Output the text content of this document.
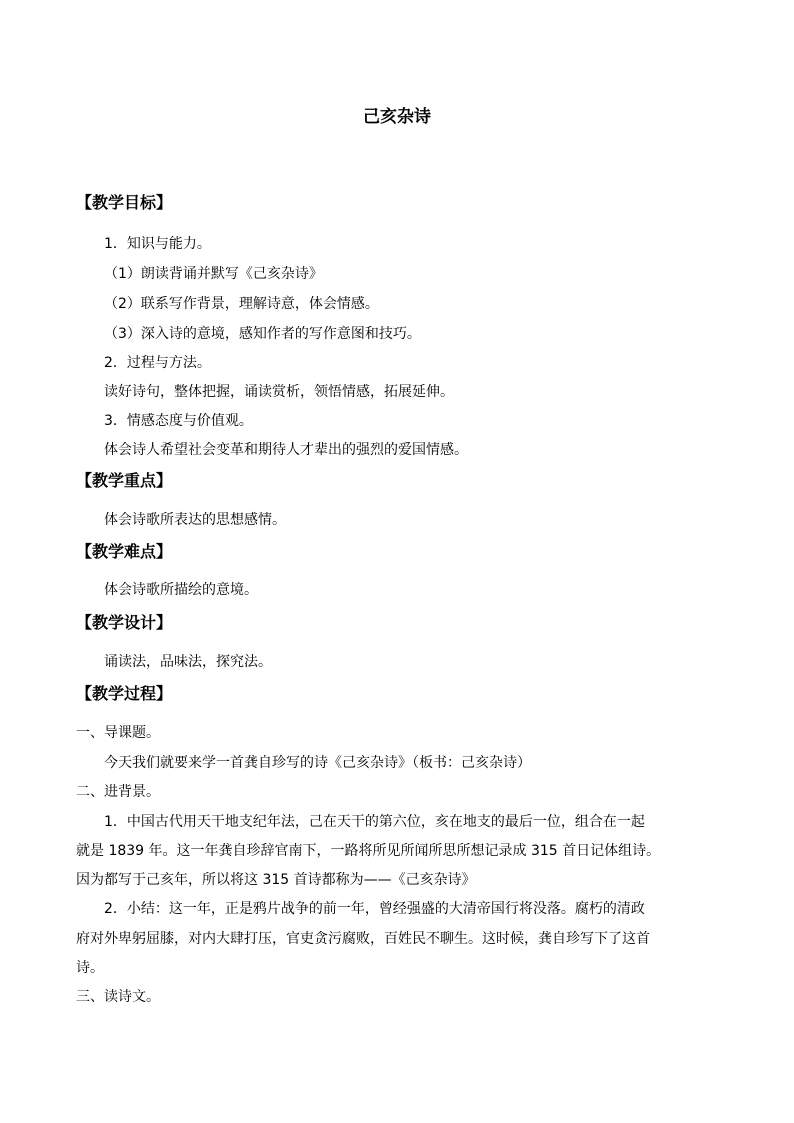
己亥杂诗
【教学目标】
1．知识与能力。
（1）朗读背诵并默写《己亥杂诗》
（2）联系写作背景，理解诗意，体会情感。
（3）深入诗的意境，感知作者的写作意图和技巧。
2．过程与方法。
读好诗句，整体把握，诵读赏析，领悟情感，拓展延伸。
3．情感态度与价值观。
体会诗人希望社会变革和期待人才辈出的强烈的爱国情感。
【教学重点】
体会诗歌所表达的思想感情。
【教学难点】
体会诗歌所描绘的意境。
【教学设计】
诵读法，品味法，探究法。
【教学过程】
一、导课题。
今天我们就要来学一首龚自珍写的诗《己亥杂诗》（板书：己亥杂诗）
二、进背景。
1．中国古代用天干地支纪年法，己在天干的第六位，亥在地支的最后一位，组合在一起
就是 1839 年。这一年龚自珍辞官南下，一路将所见所闻所思所想记录成 315 首日记体组诗。
因为都写于己亥年，所以将这 315 首诗都称为——《己亥杂诗》
2．小结：这一年，正是鸦片战争的前一年，曾经强盛的大清帝国行将没落。腐朽的清政
府对外卑躬屈膝，对内大肆打压，官吏贪污腐败，百姓民不聊生。这时候，龚自珍写下了这首
诗。
三、读诗文。
